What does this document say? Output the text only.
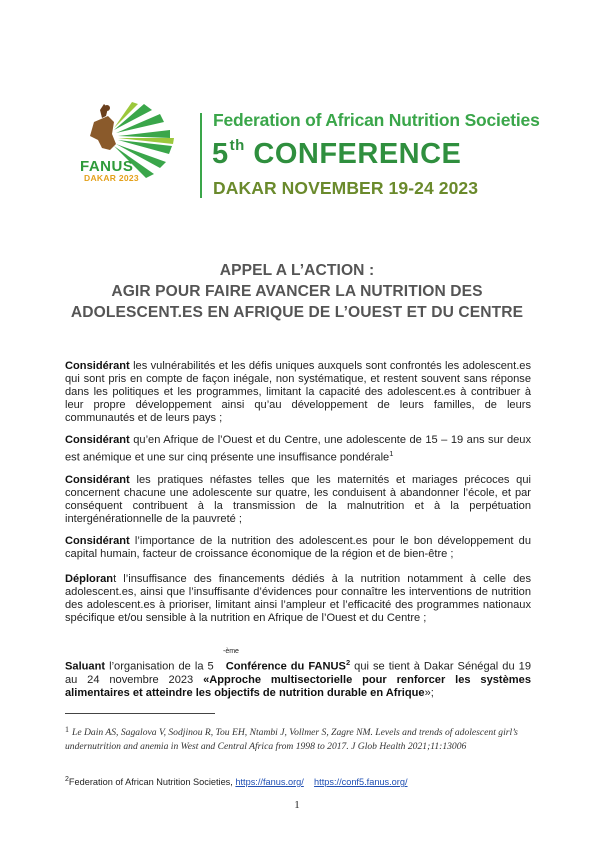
FANUS
DAKAR 2023
Federation of African Nutrition Societies
5th CONFERENCE
DAKAR NOVEMBER 19-24 2023
APPEL A L’ACTION :
AGIR POUR FAIRE AVANCER LA NUTRITION DES
ADOLESCENT.ES EN AFRIQUE DE L’OUEST ET DU CENTRE
Considérant les vulnérabilités et les défis uniques auxquels sont confrontés les adolescent.es qui sont pris en compte de façon inégale, non systématique, et restent souvent sans réponse dans les politiques et les programmes, limitant la capacité des adolescent.es à contribuer à leur propre développement ainsi qu’au développement de leurs familles, de leurs communautés et de leurs pays ;
Considérant qu’en Afrique de l’Ouest et du Centre, une adolescente de 15 – 19 ans sur deux est anémique et une sur cinq présente une insuffisance pondérale$^1$
Considérant les pratiques néfastes telles que les maternités et mariages précoces qui concernent chacune une adolescente sur quatre, les conduisent à abandonner l’école, et par conséquent contribuent à la transmission de la malnutrition et à la perpétuation intergénérationnelle de la pauvreté ;
Considérant l’importance de la nutrition des adolescent.es pour le bon développement du capital humain, facteur de croissance économique de la région et de bien-être ;
Déplorant l’insuffisance des financements dédiés à la nutrition notamment à celle des adolescent.es, ainsi que l’insuffisante d’évidences pour connaître les interventions de nutrition des adolescent.es à prioriser, limitant ainsi l’ampleur et l’efficacité des programmes nationaux spécifique et/ou sensible à la nutrition en Afrique de l’Ouest et du Centre ;
-ème
Saluant l’organisation de la 5 Conférence du FANUS$^2$ qui se tient à Dakar Sénégal du 19 au 24 novembre 2023 «Approche multisectorielle pour renforcer les systèmes alimentaires et atteindre les objectifs de nutrition durable en Afrique»;
$^1$ Le Dain AS, Sagalova V, Sodjinou R, Tou EH, Ntambi J, Vollmer S, Zagre NM. Levels and trends of adolescent girl’s undernutrition and anemia in West and Central Africa from 1998 to 2017. J Glob Health 2021;11:13006
$^2$Federation of African Nutrition Societies, https://fanus.org/ https://conf5.fanus.org/
1
